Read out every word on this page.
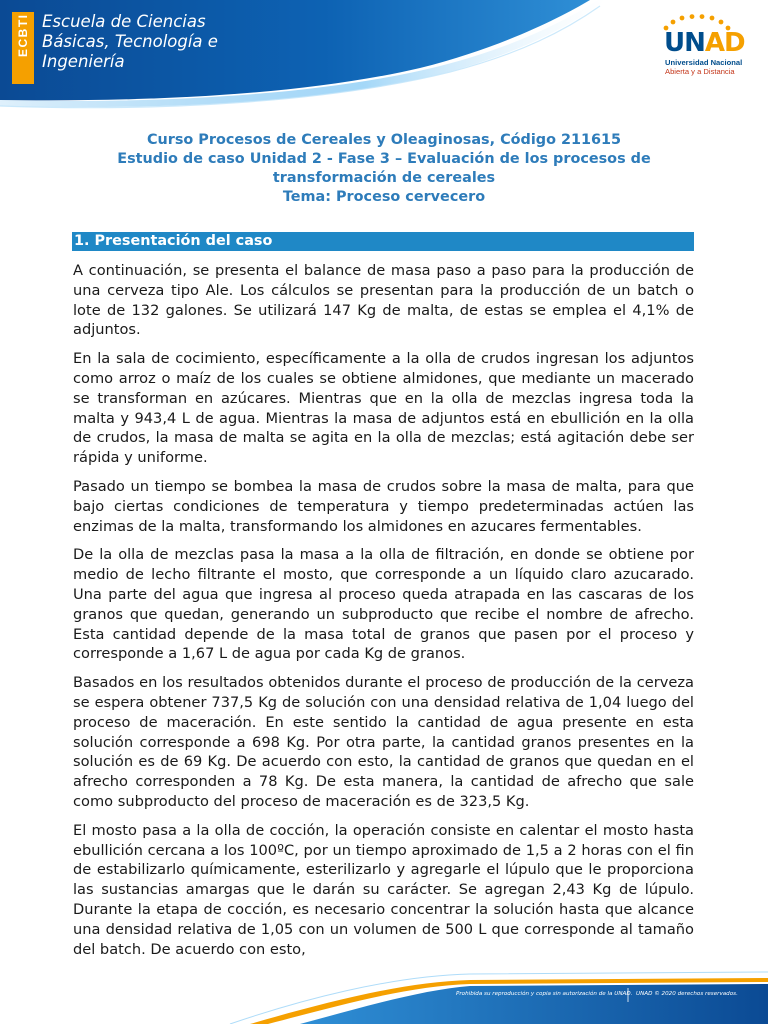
ECBTI Escuela de Ciencias
Básicas, Tecnología e
Ingeniería
UNAD
Universidad Nacional
Abierta y a Distancia
Curso Procesos de Cereales y Oleaginosas, Código 211615
Estudio de caso Unidad 2 - Fase 3 – Evaluación de los procesos de
transformación de cereales
Tema: Proceso cervecero
1. Presentación del caso

A continuación, se presenta el balance de masa paso a paso para la producción de una cerveza tipo Ale. Los cálculos se presentan para la producción de un batch o lote de 132 galones. Se utilizará 147 Kg de malta, de estas se emplea el 4,1% de adjuntos.

En la sala de cocimiento, específicamente a la olla de crudos ingresan los adjuntos como arroz o maíz de los cuales se obtiene almidones, que mediante un macerado se transforman en azúcares. Mientras que en la olla de mezclas ingresa toda la malta y 943,4 L de agua. Mientras la masa de adjuntos está en ebullición en la olla de crudos, la masa de malta se agita en la olla de mezclas; está agitación debe ser rápida y uniforme.

Pasado un tiempo se bombea la masa de crudos sobre la masa de malta, para que bajo ciertas condiciones de temperatura y tiempo predeterminadas actúen las enzimas de la malta, transformando los almidones en azucares fermentables.

De la olla de mezclas pasa la masa a la olla de filtración, en donde se obtiene por medio de lecho filtrante el mosto, que corresponde a un líquido claro azucarado. Una parte del agua que ingresa al proceso queda atrapada en las cascaras de los granos que quedan, generando un subproducto que recibe el nombre de afrecho. Esta cantidad depende de la masa total de granos que pasen por el proceso y corresponde a 1,67 L de agua por cada Kg de granos.

Basados en los resultados obtenidos durante el proceso de producción de la cerveza se espera obtener 737,5 Kg de solución con una densidad relativa de 1,04 luego del proceso de maceración. En este sentido la cantidad de agua presente en esta solución corresponde a 698 Kg. Por otra parte, la cantidad granos presentes en la solución es de 69 Kg. De acuerdo con esto, la cantidad de granos que quedan en el afrecho corresponden a 78 Kg. De esta manera, la cantidad de afrecho que sale como subproducto del proceso de maceración es de 323,5 Kg.

El mosto pasa a la olla de cocción, la operación consiste en calentar el mosto hasta ebullición cercana a los 100ºC, por un tiempo aproximado de 1,5 a 2 horas con el fin de estabilizarlo químicamente, esterilizarlo y agregarle el lúpulo que le proporciona las sustancias amargas que le darán su carácter. Se agregan 2,43 Kg de lúpulo. Durante la etapa de cocción, es necesario concentrar la solución hasta que alcance una densidad relativa de 1,05 con un volumen de 500 L que corresponde al tamaño del batch. De acuerdo con esto,

Prohibida su reproducción y copia sin autorización de la UNAD. UNAD © 2020 derechos reservados.
